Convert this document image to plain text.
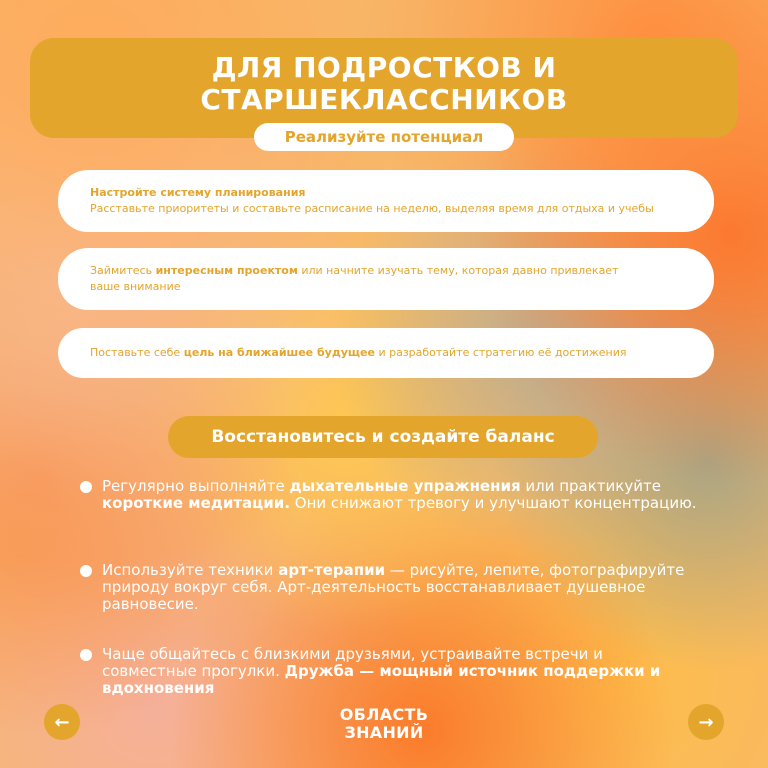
ДЛЯ ПОДРОСТКОВ И
СТАРШЕКЛАССНИКОВ
Реализуйте потенциал
Настройте систему планирования
Расставьте приоритеты и составьте расписание на неделю, выделяя время для отдыха и учебы
Займитесь интересным проектом или начните изучать тему, которая давно привлекает
ваше внимание
Поставьте себе цель на ближайшее будущее и разработайте стратегию её достижения
Восстановитесь и создайте баланс
Регулярно выполняйте дыхательные упражнения или практикуйте короткие медитации. Они снижают тревогу и улучшают концентрацию.
Используйте техники арт-терапии — рисуйте, лепите, фотографируйте природу вокруг себя. Арт-деятельность восстанавливает душевное равновесие.
Чаще общайтесь с близкими друзьями, устраивайте встречи и совместные прогулки. Дружба — мощный источник поддержки и вдохновения
←	ОБЛАСТЬ
ЗНАНИЙ	→
